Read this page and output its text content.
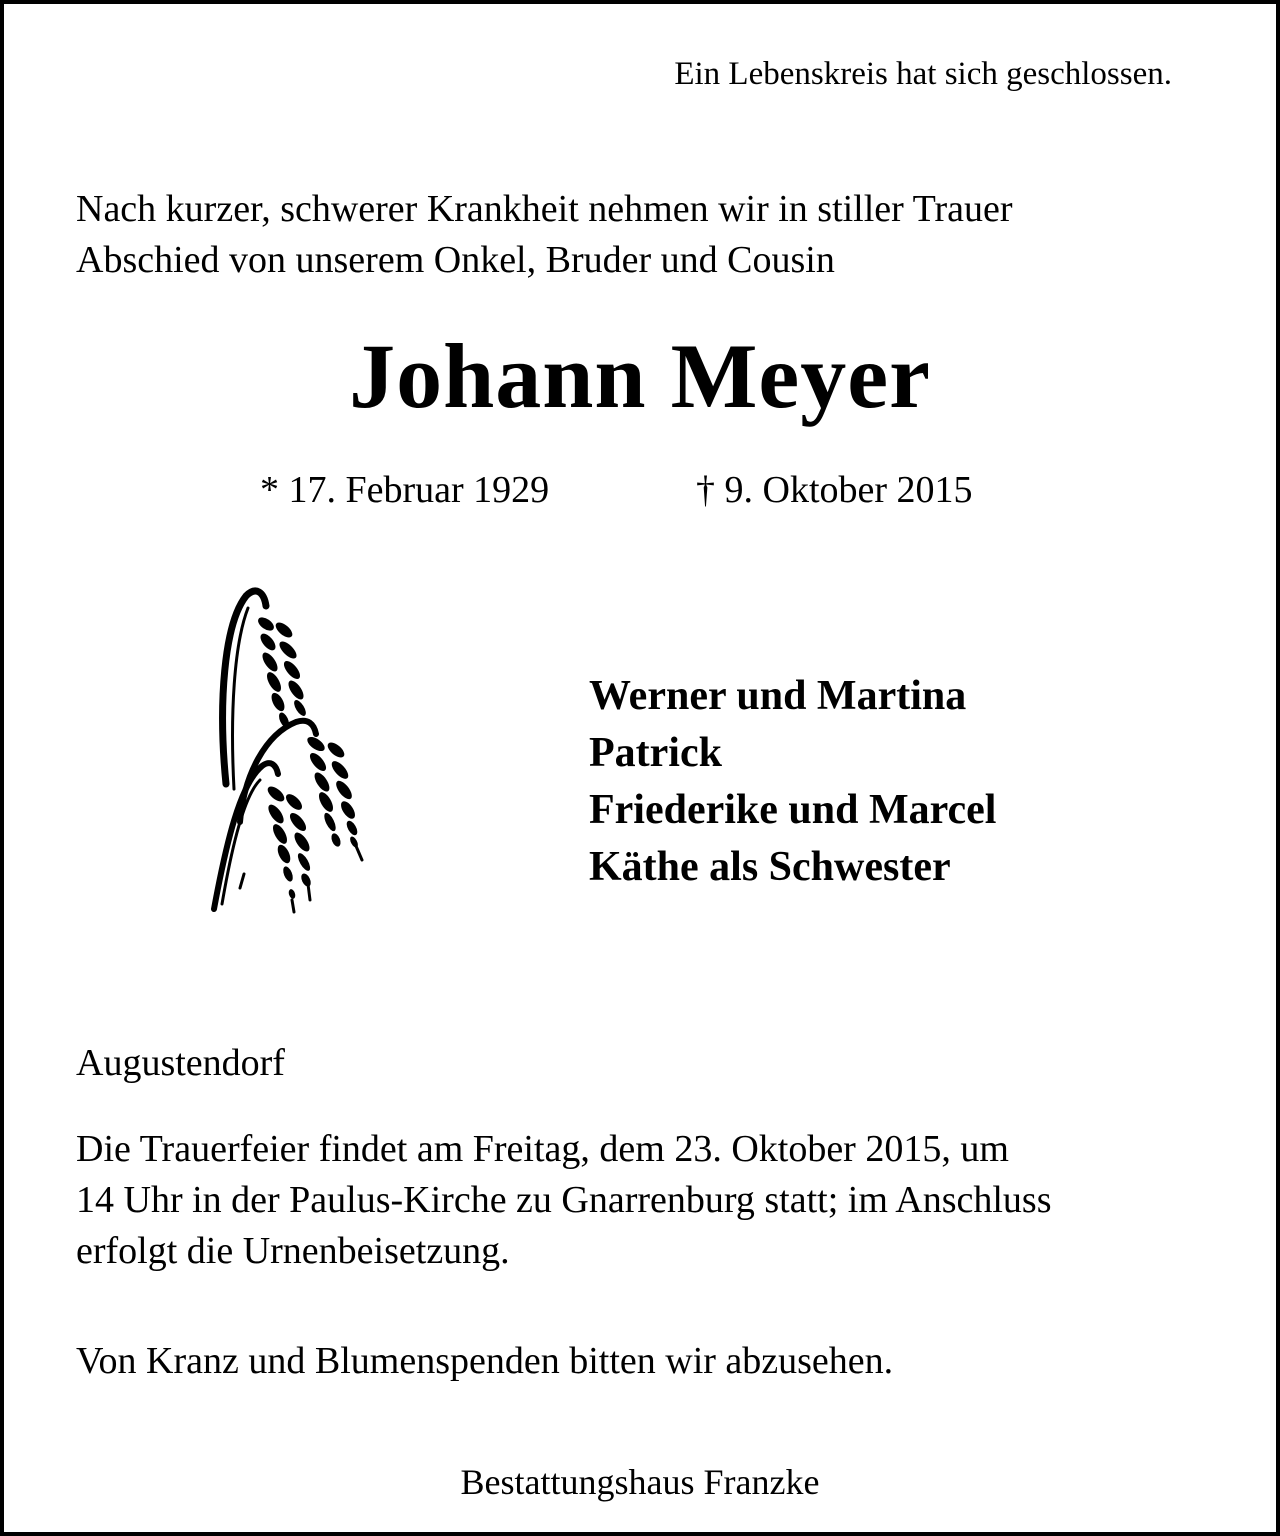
Ein Lebenskreis hat sich geschlossen.
Nach kurzer, schwerer Krankheit nehmen wir in stiller Trauer
Abschied von unserem Onkel, Bruder und Cousin
Johann Meyer
* 17. Februar 1929	† 9. Oktober 2015
Werner und Martina
Patrick
Friederike und Marcel
Käthe als Schwester
Augustendorf
Die Trauerfeier findet am Freitag, dem 23. Oktober 2015, um
14 Uhr in der Paulus-Kirche zu Gnarrenburg statt; im Anschluss
erfolgt die Urnenbeisetzung.
Von Kranz und Blumenspenden bitten wir abzusehen.
Bestattungshaus Franzke
